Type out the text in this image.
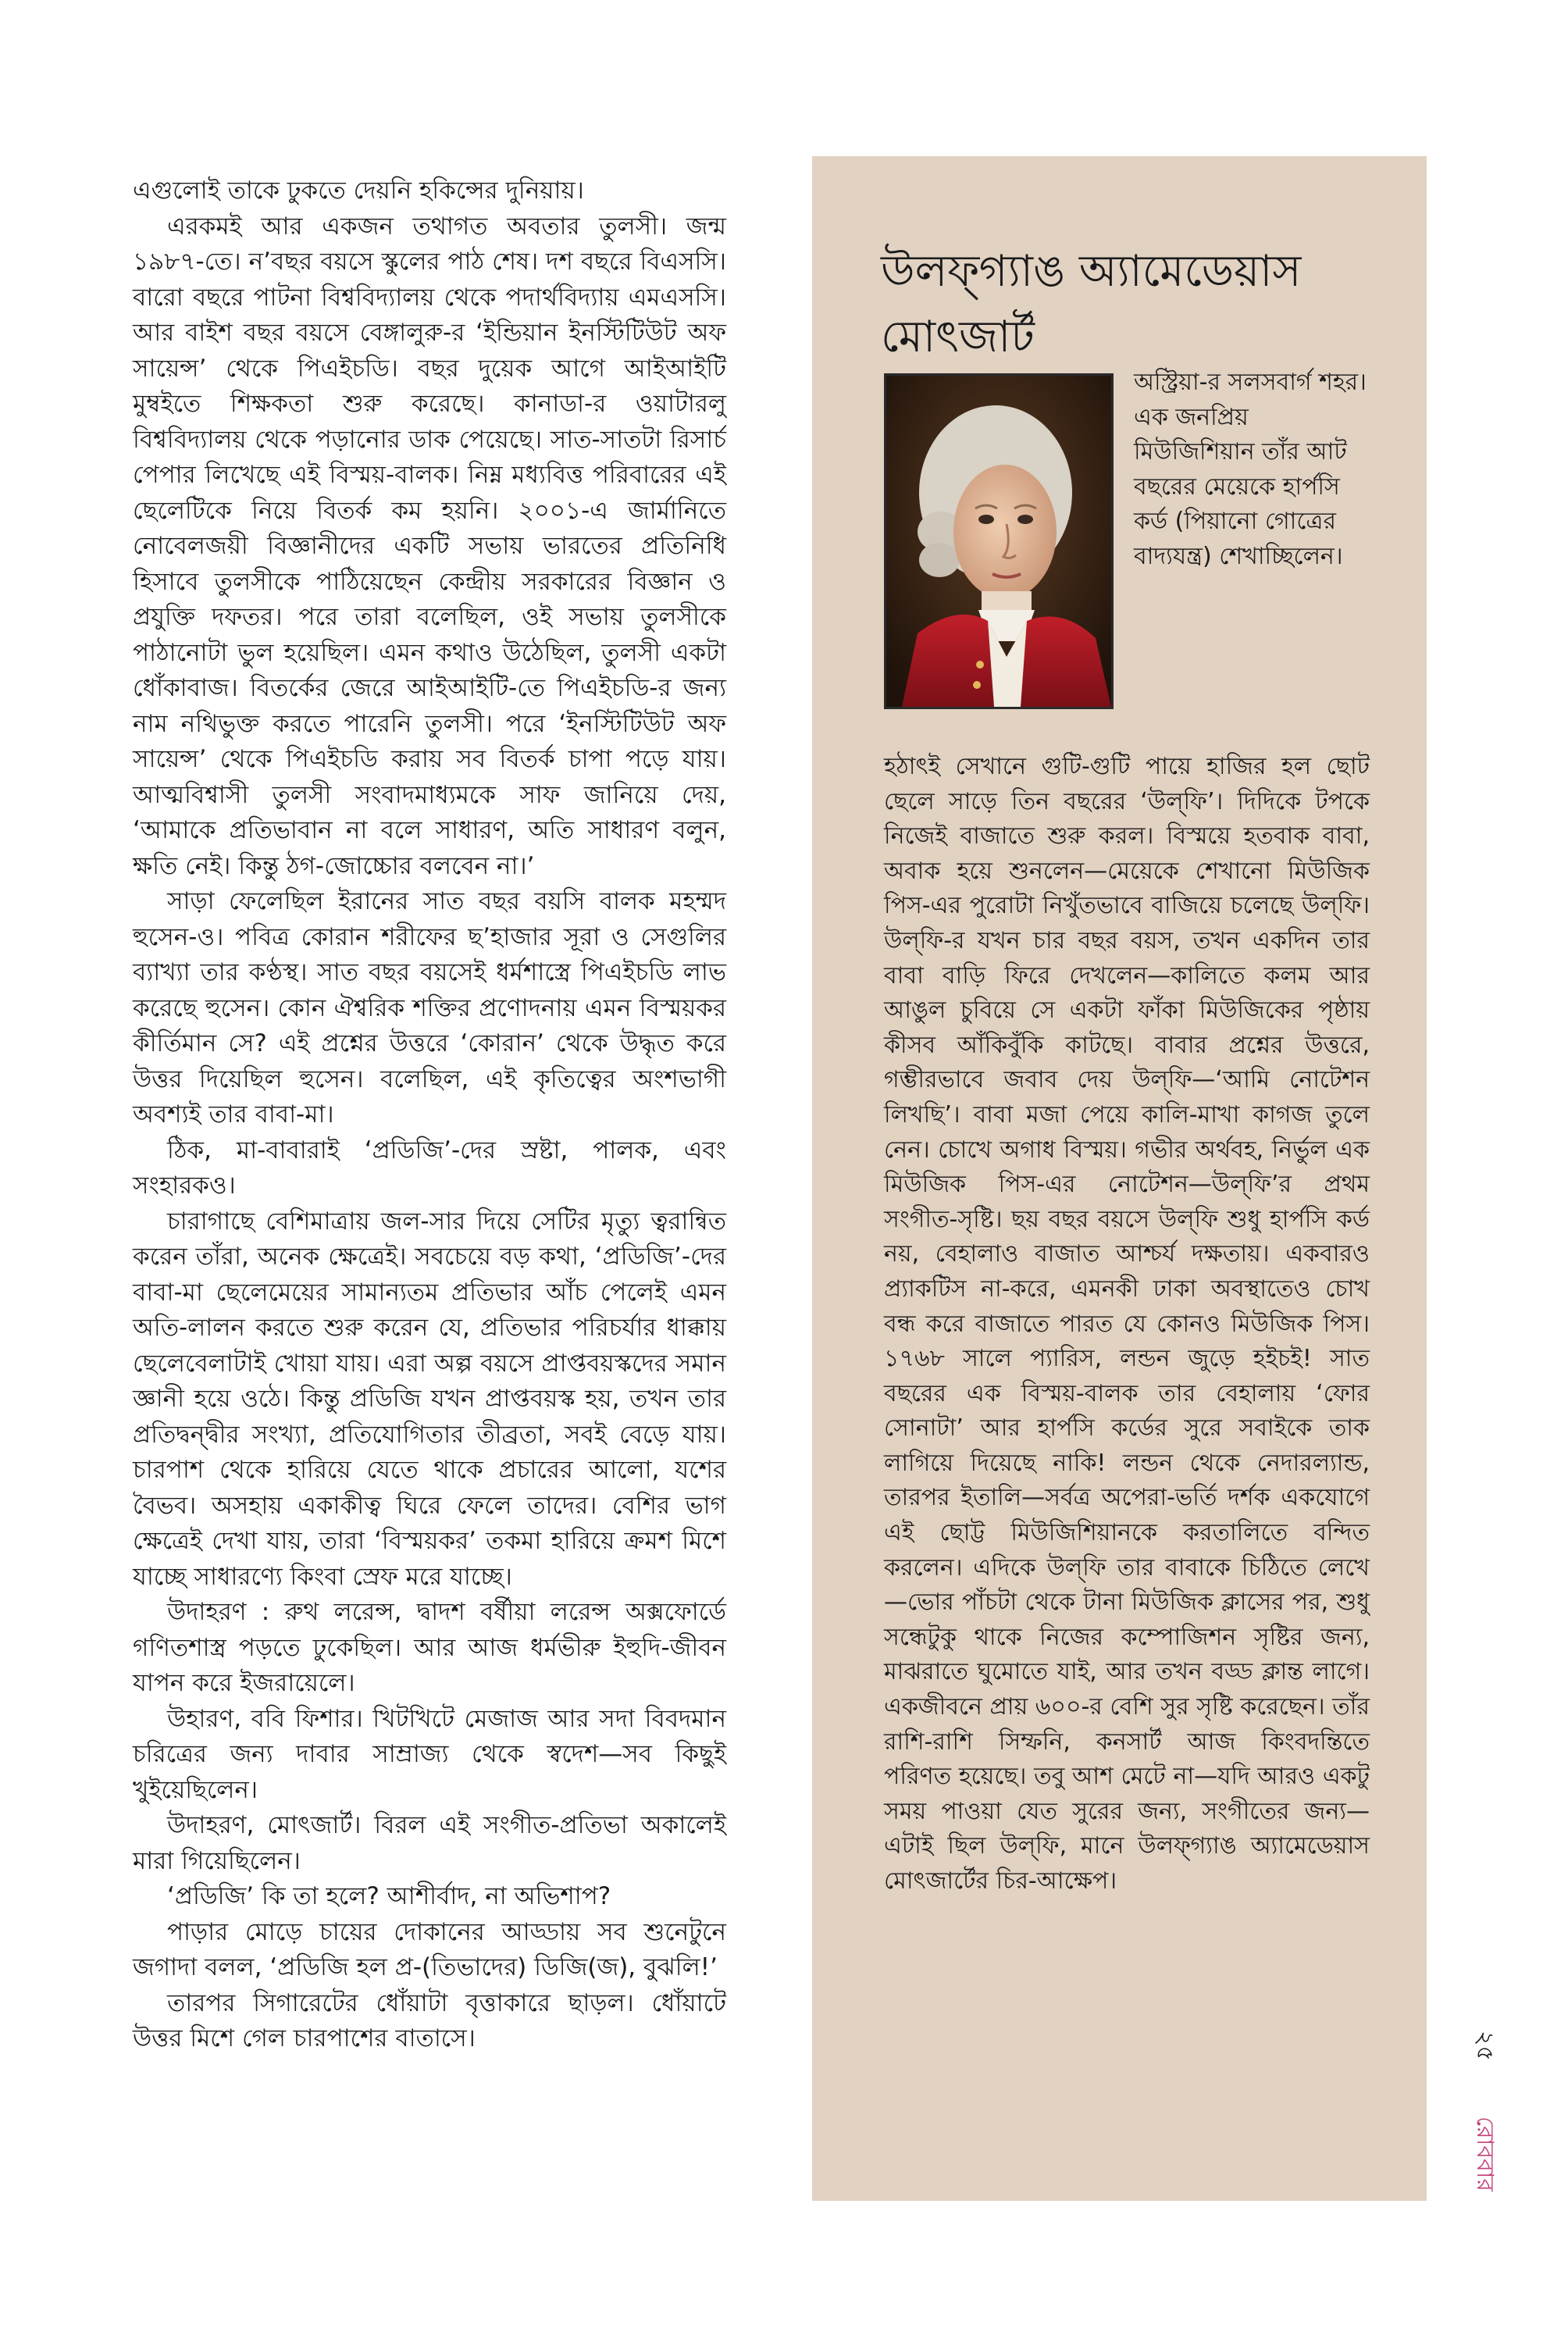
এগুলোই তাকে ঢুকতে দেয়নি হকিন্সের দুনিয়ায়।

এরকমই আর একজন তথাগত অবতার তুলসী। জন্ম ১৯৮৭-তে। ন’বছর বয়সে স্কুলের পাঠ শেষ। দশ বছরে বিএসসি। বারো বছরে পাটনা বিশ্ববিদ্যালয় থেকে পদার্থবিদ্যায় এমএসসি। আর বাইশ বছর বয়সে বেঙ্গালুরু-র ‘ইন্ডিয়ান ইনস্টিটিউট অফ সায়েন্স’ থেকে পিএইচডি। বছর দুয়েক আগে আইআইটি মুম্বইতে শিক্ষকতা শুরু করেছে। কানাডা-র ওয়াটারলু বিশ্ববিদ্যালয় থেকে পড়ানোর ডাক পেয়েছে। সাত-সাতটা রিসার্চ পেপার লিখেছে এই বিস্ময়-বালক। নিম্ন মধ্যবিত্ত পরিবারের এই ছেলেটিকে নিয়ে বিতর্ক কম হয়নি। ২০০১-এ জার্মানিতে নোবেলজয়ী বিজ্ঞানীদের একটি সভায় ভারতের প্রতিনিধি হিসাবে তুলসীকে পাঠিয়েছেন কেন্দ্রীয় সরকারের বিজ্ঞান ও প্রযুক্তি দফতর। পরে তারা বলেছিল, ওই সভায় তুলসীকে পাঠানোটা ভুল হয়েছিল। এমন কথাও উঠেছিল, তুলসী একটা ধোঁকাবাজ। বিতর্কের জেরে আইআইটি-তে পিএইচডি-র জন্য নাম নথিভুক্ত করতে পারেনি তুলসী। পরে ‘ইনস্টিটিউট অফ সায়েন্স’ থেকে পিএইচডি করায় সব বিতর্ক চাপা পড়ে যায়। আত্মবিশ্বাসী তুলসী সংবাদমাধ্যমকে সাফ জানিয়ে দেয়, ‘আমাকে প্রতিভাবান না বলে সাধারণ, অতি সাধারণ বলুন, ক্ষতি নেই। কিন্তু ঠগ-জোচ্চোর বলবেন না।’

সাড়া ফেলেছিল ইরানের সাত বছর বয়সি বালক মহম্মদ হুসেন-ও। পবিত্র কোরান শরীফের ছ’হাজার সূরা ও সেগুলির ব্যাখ্যা তার কণ্ঠস্থ। সাত বছর বয়সেই ধর্মশাস্ত্রে পিএইচডি লাভ করেছে হুসেন। কোন ঐশ্বরিক শক্তির প্রণোদনায় এমন বিস্ময়কর কীর্তিমান সে? এই প্রশ্নের উত্তরে ‘কোরান’ থেকে উদ্ধৃত করে উত্তর দিয়েছিল হুসেন। বলেছিল, এই কৃতিত্বের অংশভাগী অবশ্যই তার বাবা-মা।

ঠিক, মা-বাবারাই ‘প্রডিজি’-দের স্রষ্টা, পালক, এবং সংহারকও।

চারাগাছে বেশিমাত্রায় জল-সার দিয়ে সেটির মৃত্যু ত্বরান্বিত করেন তাঁরা, অনেক ক্ষেত্রেই। সবচেয়ে বড় কথা, ‘প্রডিজি’-দের বাবা-মা ছেলেমেয়ের সামান্যতম প্রতিভার আঁচ পেলেই এমন অতি-লালন করতে শুরু করেন যে, প্রতিভার পরিচর্যার ধাক্কায় ছেলেবেলাটাই খোয়া যায়। এরা অল্প বয়সে প্রাপ্তবয়স্কদের সমান জ্ঞানী হয়ে ওঠে। কিন্তু প্রডিজি যখন প্রাপ্তবয়স্ক হয়, তখন তার প্রতিদ্বন্দ্বীর সংখ্যা, প্রতিযোগিতার তীব্রতা, সবই বেড়ে যায়। চারপাশ থেকে হারিয়ে যেতে থাকে প্রচারের আলো, যশের বৈভব। অসহায় একাকীত্ব ঘিরে ফেলে তাদের। বেশির ভাগ ক্ষেত্রেই দেখা যায়, তারা ‘বিস্ময়কর’ তকমা হারিয়ে ক্রমশ মিশে যাচ্ছে সাধারণ্যে কিংবা স্রেফ মরে যাচ্ছে।

উদাহরণ : রুথ লরেন্স, দ্বাদশ বর্ষীয়া লরেন্স অক্সফোর্ডে গণিতশাস্ত্র পড়তে ঢুকেছিল। আর আজ ধর্মভীরু ইহুদি-জীবন যাপন করে ইজরায়েলে।

উহারণ, ববি ফিশার। খিটখিটে মেজাজ আর সদা বিবদমান চরিত্রের জন্য দাবার সাম্রাজ্য থেকে স্বদেশ—সব কিছুই খুইয়েছিলেন।

উদাহরণ, মোৎজার্ট। বিরল এই সংগীত-প্রতিভা অকালেই মারা গিয়েছিলেন।

‘প্রডিজি’ কি তা হলে? আশীর্বাদ, না অভিশাপ?

পাড়ার মোড়ে চায়ের দোকানের আড্ডায় সব শুনেটুনে জগাদা বলল, ‘প্রডিজি হল প্র-(তিভাদের) ডিজি(জ), বুঝলি!’

তারপর সিগারেটের ধোঁয়াটা বৃত্তাকারে ছাড়ল। ধোঁয়াটে উত্তর মিশে গেল চারপাশের বাতাসে।

উলফ্‌গ্যাঙ অ্যামেডেয়াস
মোৎজার্ট

অস্ট্রিয়া-র সলসবার্গ শহর। এক জনপ্রিয় মিউজিশিয়ান তাঁর আট বছরের মেয়েকে হার্পসি কর্ড (পিয়ানো গোত্রের বাদ্যযন্ত্র) শেখাচ্ছিলেন।

হঠাৎই সেখানে গুটি-গুটি পায়ে হাজির হল ছোট ছেলে সাড়ে তিন বছরের ‘উল্‌ফি’। দিদিকে টপকে নিজেই বাজাতে শুরু করল। বিস্ময়ে হতবাক বাবা, অবাক হয়ে শুনলেন—মেয়েকে শেখানো মিউজিক পিস-এর পুরোটা নিখুঁতভাবে বাজিয়ে চলেছে উল্‌ফি। উল্‌ফি-র যখন চার বছর বয়স, তখন একদিন তার বাবা বাড়ি ফিরে দেখলেন—কালিতে কলম আর আঙুল চুবিয়ে সে একটা ফাঁকা মিউজিকের পৃষ্ঠায় কীসব আঁকিবুঁকি কাটছে। বাবার প্রশ্নের উত্তরে, গম্ভীরভাবে জবাব দেয় উল্‌ফি—‘আমি নোটেশন লিখছি’। বাবা মজা পেয়ে কালি-মাখা কাগজ তুলে নেন। চোখে অগাধ বিস্ময়। গভীর অর্থবহ, নির্ভুল এক মিউজিক পিস-এর নোটেশন—উল্‌ফি’র প্রথম সংগীত-সৃষ্টি। ছয় বছর বয়সে উল্‌ফি শুধু হার্পসি কর্ড নয়, বেহালাও বাজাত আশ্চর্য দক্ষতায়। একবারও প্র্যাকটিস না-করে, এমনকী ঢাকা অবস্থাতেও চোখ বন্ধ করে বাজাতে পারত যে কোনও মিউজিক পিস। ১৭৬৮ সালে প্যারিস, লন্ডন জুড়ে হইচই! সাত বছরের এক বিস্ময়-বালক তার বেহালায় ‘ফোর সোনাটা’ আর হার্পসি কর্ডের সুরে সবাইকে তাক লাগিয়ে দিয়েছে নাকি! লন্ডন থেকে নেদারল্যান্ড, তারপর ইতালি—সর্বত্র অপেরা-ভর্তি দর্শক একযোগে এই ছোট্ট মিউজিশিয়ানকে করতালিতে বন্দিত করলেন। এদিকে উল্‌ফি তার বাবাকে চিঠিতে লেখে—ভোর পাঁচটা থেকে টানা মিউজিক ক্লাসের পর, শুধু সন্ধেটুকু থাকে নিজের কম্পোজিশন সৃষ্টির জন্য, মাঝরাতে ঘুমোতে যাই, আর তখন বড্ড ক্লান্ত লাগে। একজীবনে প্রায় ৬০০-র বেশি সুর সৃষ্টি করেছেন। তাঁর রাশি-রাশি সিম্ফনি, কনসার্ট আজ কিংবদন্তিতে পরিণত হয়েছে। তবু আশ মেটে না—যদি আরও একটু সময় পাওয়া যেত সুরের জন্য, সংগীতের জন্য—এটাই ছিল উল্‌ফি, মানে উলফ্‌গ্যাঙ অ্যামেডেয়াস মোৎজার্টের চির-আক্ষেপ।

২৫
রোববার
